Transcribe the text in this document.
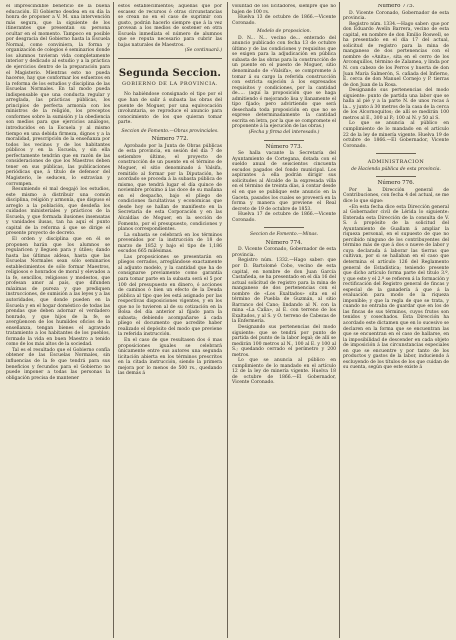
el imprescindible beneficio de la buena educación. El Gobierno desdea en su día la honra de proponer a V. M. una intervención más segura, que la siguiente de los itinerantes que presentan su persona ocultar en el momento. Tampoco en posible por desgracia del Gobierno hasta la Escuela Normal, como conviniera, la forma y organización de colegios é seminarios donde los alumnos tuvieran vida completamente interior y dedicado al estudio y a la práctica de ejercicios dentro de la preparación para el Magisterio. Mientras esto no pueda hacerse, hay que conformar los esfuerzos en la reforma de los estudios y disciplina de las Escuelas Normales. En tal modo pueda indispensable que una conducta regular y arreglada, las prácticas públicas, los principios de perfecta armonía con los ministros de la religión, los preceptos conformes sobre la sumisión y la obediencia son medios para que ejercicios análogos, introducidos en la Escuela y al mismo tiempo en una debida firmeza, dignos y a la moralidad, prescripción de la enseñanza por todos los vecinos y de los habitantes públicos y en la Escuela, y sin ella perfectamente tendrán que en razón de las consideraciones de que los Maestros deben tener en sus públicas, las publicaciones periódicas que, á título de defensor del Magisterio, le seducen, lo extravían y corrompen.

Resumiendo el mal desgajó los estudios, este mismo a distribuir una común disciplina, religión y armonía, que dispuso el arreglo a la población, que desdeña los cuidados ministeriales y prácticos de la Escuela, y que formada ilusiones insensatas y vanidades ilusas, tan ha aquí el punto capital de la reforma á que se dirige el presente proyecto de decreto.

El orden y disciplina que en él se proponen harán que los alumnos se regularicen y lleguen para y útiles; dando hasta las últimas aldeas, hasta que las Escuelas Normales sean sólo seminarios establecimientos de sólo formar Maestros, religiosos e honrados de moral y elevados a la fe, sencillos, religiosos y modestos, que profesan amor al país, que difunden máximas de pureza y que prediquen instrucciones, de sumisión a las leyes y a las autoridades, que donde pueden en la Escuela y en el hogar doméstico de todas las prendas que deben adornar el verdadero honrado, y que hijos de la fe, se avergüencen de los humildes oficios de la enseñanza, tengan bienes el agravado tratamiento a los habitantes de los pueblos, formado la vida en buen Maestro a tenido como de los más altos de la sociedad.

Tal es el resultado que el Gobierno confía obtener de las Escuelas Normales, sin influencias de la fe que tendrá para sus beneficios y fecundos para el Gobierno no puede imponer a todas las personas la obligación precisa de mantener

estos establecimientos; aquellas que por escasez de recursos ó otras circunstancias se crean no en el caso de suprimir con gusto, podrán hacerlo siempre que á la vez provean a los medios de sostener en otra Escuela inmediata el número de alumnos que se reputa necesario para cubrir las bajas naturales de Maestros.

(Se continuará.)

Segunda Seccion.
GOBIERNO DE LA PROVINCIA.

No habiéndose consignado el tipo por el que han de salir á subasta las obras del puente de Moguer, por una equivocación involuntaria, se reproduce el anuncio para conocimiento de los que quieran tomar parte.

Seccion de Fomento.—Obras provinciales.

Número 772.

Aprobado por la Junta de Obras públicas de esta provincia, en sesión del día 7 de setiembre último, el proyecto de construcción de un puente en el término de Moguer, el sitio denominado á Valsifa, remitido al formar por la Diputación, he acordado se proceda á la subasta pública de mismo, que tendrá lugar el día quince de noviembre próximo á las doce de su mañana en el despacho, bajo el pliego de condiciones facultativas y económicas que desde hoy se hallan de manifiesto en la Secretaría de esta Corporación y en las Alcaldías de Moguer, en la sección de Fomento, por el presupuesto, condiciones y planos correspondientes.

La subasta se celebrará en los términos prevenidos por la instrucción de 18 de marzo de 1852 y bajo el tipo de 1,186 escudos 665 milésimas.

Las proposiciones se presentarán en pliegos cerrados, arreglándose exactamente al adjunto modelo, y la cantidad que ha de consignarse previamente como garantía para tomar parte en la subasta será el 5 por 100 del presupuesto en dinero, ó acciones de caminos ó bien un efecto de la Deuda pública al tipo que les está asignado por las respectivas disposiciones vigentes, y en los que no lo tuvieren al de su cotización en la Bolsa del día anterior al fijado para la subasta; debiendo acompañarse á cada pliego el documento que acredite haber realizado el depósito del modo que previene la referida instrucción.

En el caso de que resultasen dos ó mas proposiciones iguales se celebrará únicamente entre sus autores una segunda licitación abierta en los términos prescritos en la citada instrucción, siendo la primera mejora por lo menos de 500 rs., quedando las demás á

voluntad de los licitadores, siempre que no bajen de 100 rs.

Huelva 13 de octubre de 1866.—Vicente Coronado.

Modelo de proposicion.

D. N... N... vecino de... enterado del anuncio publicado con fecha 13 de octubre último y de las condiciones y requisitos que se exigen para la adjudicación en pública subasta de las obras para la construcción de un puente en el puesto de Moguer, sitio denominado de «Valsifa», se compromete á tomar á su cargo la referida construcción con estricta sujeción á los expresados requisitos y condiciones, por la cantidad de..... (aquí la proposición que se haga admitiendo ó mejorando lisa y llanamente el tipo fijado; pero advirtiendo que será desechada toda proposición en que no se exprese determinadamente la cantidad escrita en letra, por la que se compromete el proponente á la ejecución de las obras.)

(Fecha y firma del interesado.)

Número 773.

Se halla vacante la Secretaría del Ayuntamiento de Cortegana, dotada con el sueldo anual de seiscientos cincuenta escudos pagados del fondo municipal. Los aspirantes á ella podrán dirigir sus solicitudes al Alcalde de la expresada villa en el término de treinta días, á contar desde el en que se publique este anuncio en la Gaceta, pasados los cuales se proveerá en la forma y manera que previene el Real decreto de 19 de octubre de 1853.

Huelva 17 de octubre de 1866.—Vicente Coronado.

Seccion de Fomento.—Minas.
Número 774.

D. Vicente Coronado, Gobernador de esta provincia.

Registro núm. 1332.—Hago saber: que por D. Bartolomé Cobo, vecino de esta capital, en nombre de don Juan García Castañeda, se ha presentado en el día 16 del actual solicitud de registro para la mina de manganeso de dos pertenencias con el nombre de «Los Exaltados» sita en el término de Puebla de Guzmán, al sitio Barranco del Cano; lindando al N. con la mina «La Caña», al E. con terreno de los Exaltados, y al S. y O. terreno de Cabezas de la Enfermería.

Designando sus pertenencias del modo siguiente: que se tendrá por punto de partida del punto de la labor legal; de allí se medirán 100 metros al N., 100 al E. y 100 al S.; quedando cerrado el perímetro y 200 metros.

Lo que se anuncia al público en cumplimiento de lo mandado en el artículo 12 de la ley de minería vigente. Huelva 18 de octubre de 1866.—El Gobernador, Vicente Coronado.

Número 775.

D. Vicente Coronado, Gobernador de esta provincia.

Registro núm. 1334.—Hago saber: que por don Eduardo Avelín Barrera, vecino de esta capital, en nombre de don Emilio Roswell, se ha presentado en el día 17 del actual, solicitud de registro para la mina de manganeso de dos pertenencias con el nombre de «Anita», sita en el cerro de los Arconquillos, término de Zalamea, y linda por N. con cabezo de los Perros y huerta de don Juan María Salmerón, S. cañada del Infierno, E. cerca de don Manuel Cornejo y P. tierras de don Juan de la Rosa.

Designando sus pertenencias del modo siguiente: punto de partida una labor que se halla al pié y a la parte N. de unos rocas á la... y junto á 30 metros de la casa de la cerca de los Alcornoquitos; de allí se medirán 100 metros al E., 300 al P.; 100 al N. y 50 al S.

Lo que se anuncia al público en cumplimiento de lo mandado en el artículo 22 de la ley de minería vigente. Huelva 19 de octubre de 1866.—El Gobernador, Vicente Coronado.

ADMINISTRACION

de Hacienda pública de esta provincia.

Número 776.

Por la Dirección general de Contribuciones, con fecha 4 del actual, se me dice lo que sigue:

«En esta fecha dice esta Dirección general al Gobernador civil de Lérida lo siguiente: Enterada esta Dirección de la consulta de V. S. á propósito de la solicitud del Ayuntamiento de Guallam á ampliar la riqueza personal, en el supuesto de que no percibido ninguno de los contribuyentes del término más de que á dos o nueve de labor y cuya declarada á laborar las tierras que cultivan, por si se hallaban en el caso que determina el artículo 126 del Reglamento general de Estadística; teniendo presente que dicho artículo forma parte del título 3.º, y que este y el 2.º se refieren á la formación y rectificación del Registro general de fincas y especial de la ganadería á que á la evaluación para modo de la riqueza imponible; y que la regla de que se trata, y cuando no entraba de guardar que en los de las fincas de sus términos, cuyos frutos son tenidos y cosechados. Esta Dirección ha acordado este dictamen que en lo sucesivo se declaren en la forma que se encuentran las que se encuentran en el caso de hallarse, en la imposibilidad de descender en cada objeto de imposición á las circunstancias especiales en que se encuentre y por tanto de los productos y gastos de la labor, induciendo á escluyendo de los títulos de los que cuidan de su cuenta, según que este existe á
